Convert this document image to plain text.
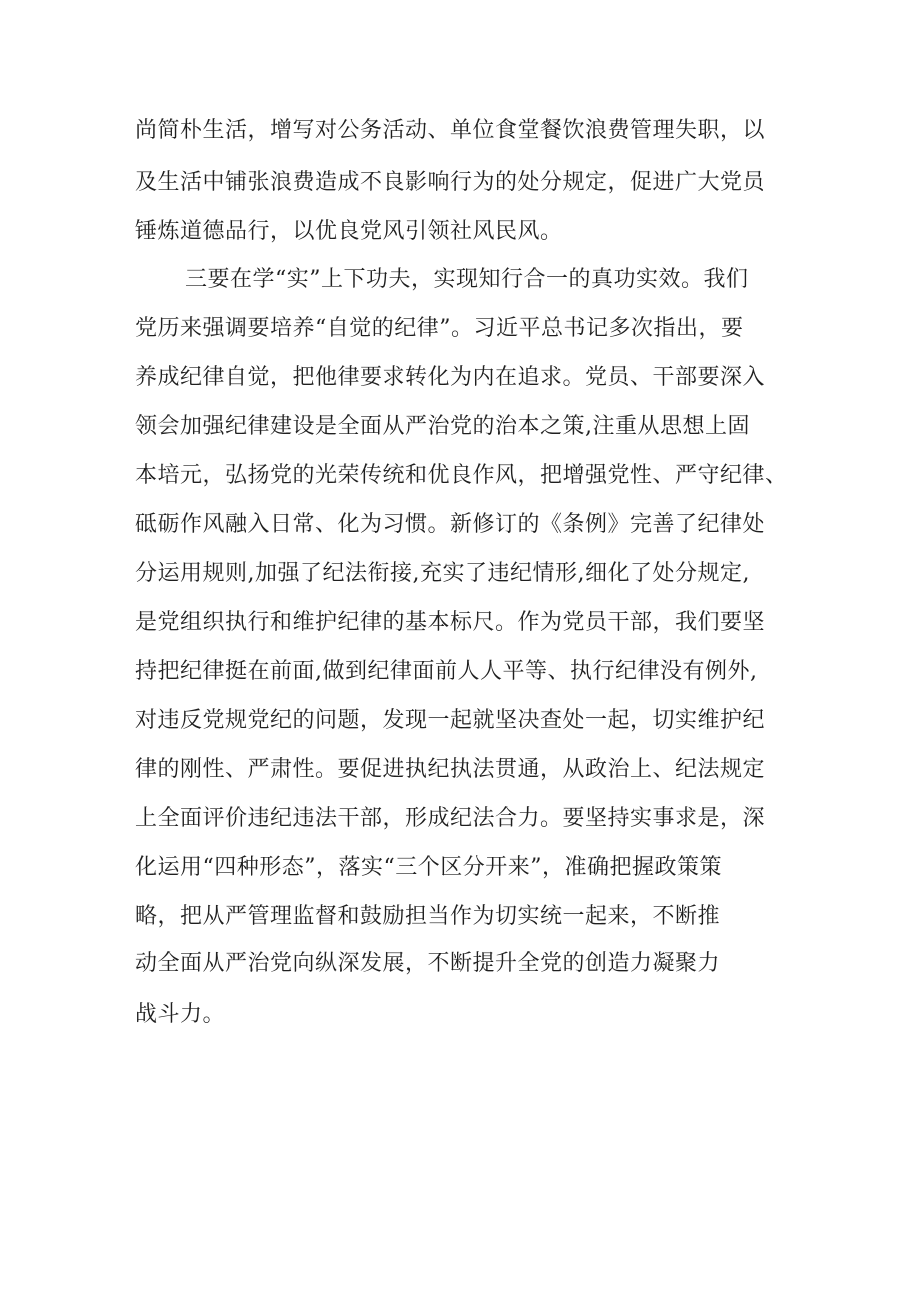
尚简朴生活，增写对公务活动、单位食堂餐饮浪费管理失职，以

及生活中铺张浪费造成不良影响行为的处分规定，促进广大党员

锤炼道德品行，以优良党风引领社风民风。

三要在学“实”上下功夫，实现知行合一的真功实效。我们

党历来强调要培养“自觉的纪律”。习近平总书记多次指出，要

养成纪律自觉，把他律要求转化为内在追求。党员、干部要深入

领会加强纪律建设是全面从严治党的治本之策,注重从思想上固

本培元，弘扬党的光荣传统和优良作风，把增强党性、严守纪律、

砥砺作风融入日常、化为习惯。新修订的《条例》完善了纪律处

分运用规则,加强了纪法衔接,充实了违纪情形,细化了处分规定,

是党组织执行和维护纪律的基本标尺。作为党员干部，我们要坚

持把纪律挺在前面,做到纪律面前人人平等、执行纪律没有例外,

对违反党规党纪的问题，发现一起就坚决查处一起，切实维护纪

律的刚性、严肃性。要促进执纪执法贯通，从政治上、纪法规定

上全面评价违纪违法干部，形成纪法合力。要坚持实事求是，深

化运用“四种形态”，落实“三个区分开来”，准确把握政策策

略，把从严管理监督和鼓励担当作为切实统一起来，不断推

动全面从严治党向纵深发展，不断提升全党的创造力凝聚力

战斗力。
